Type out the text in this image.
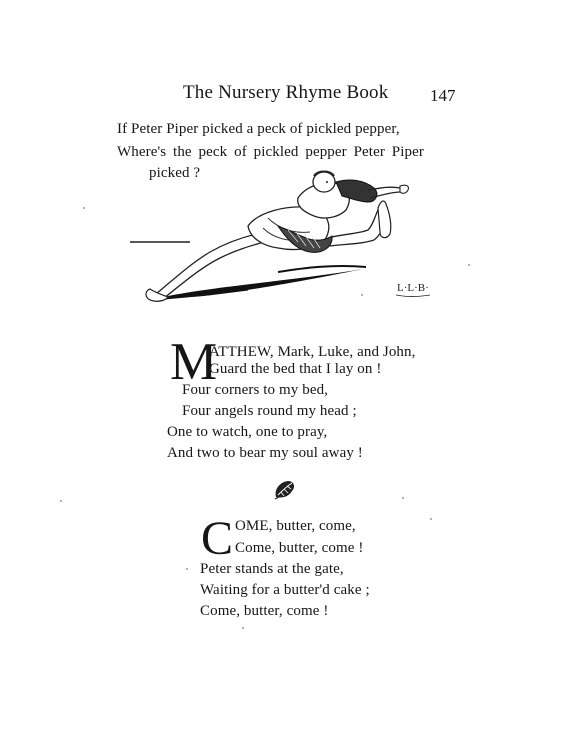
The Nursery Rhyme Book 147
If Peter Piper picked a peck of pickled pepper,
Where's the peck of pickled pepper Peter Piper
picked ?
L·L·B·
M
ATTHEW, Mark, Luke, and John,
Guard the bed that I lay on !
Four corners to my bed,
Four angels round my head ;
One to watch, one to pray,
And two to bear my soul away !
C OME, butter, come,
Come, butter, come !
Peter stands at the gate,
Waiting for a butter'd cake ;
Come, butter, come !
